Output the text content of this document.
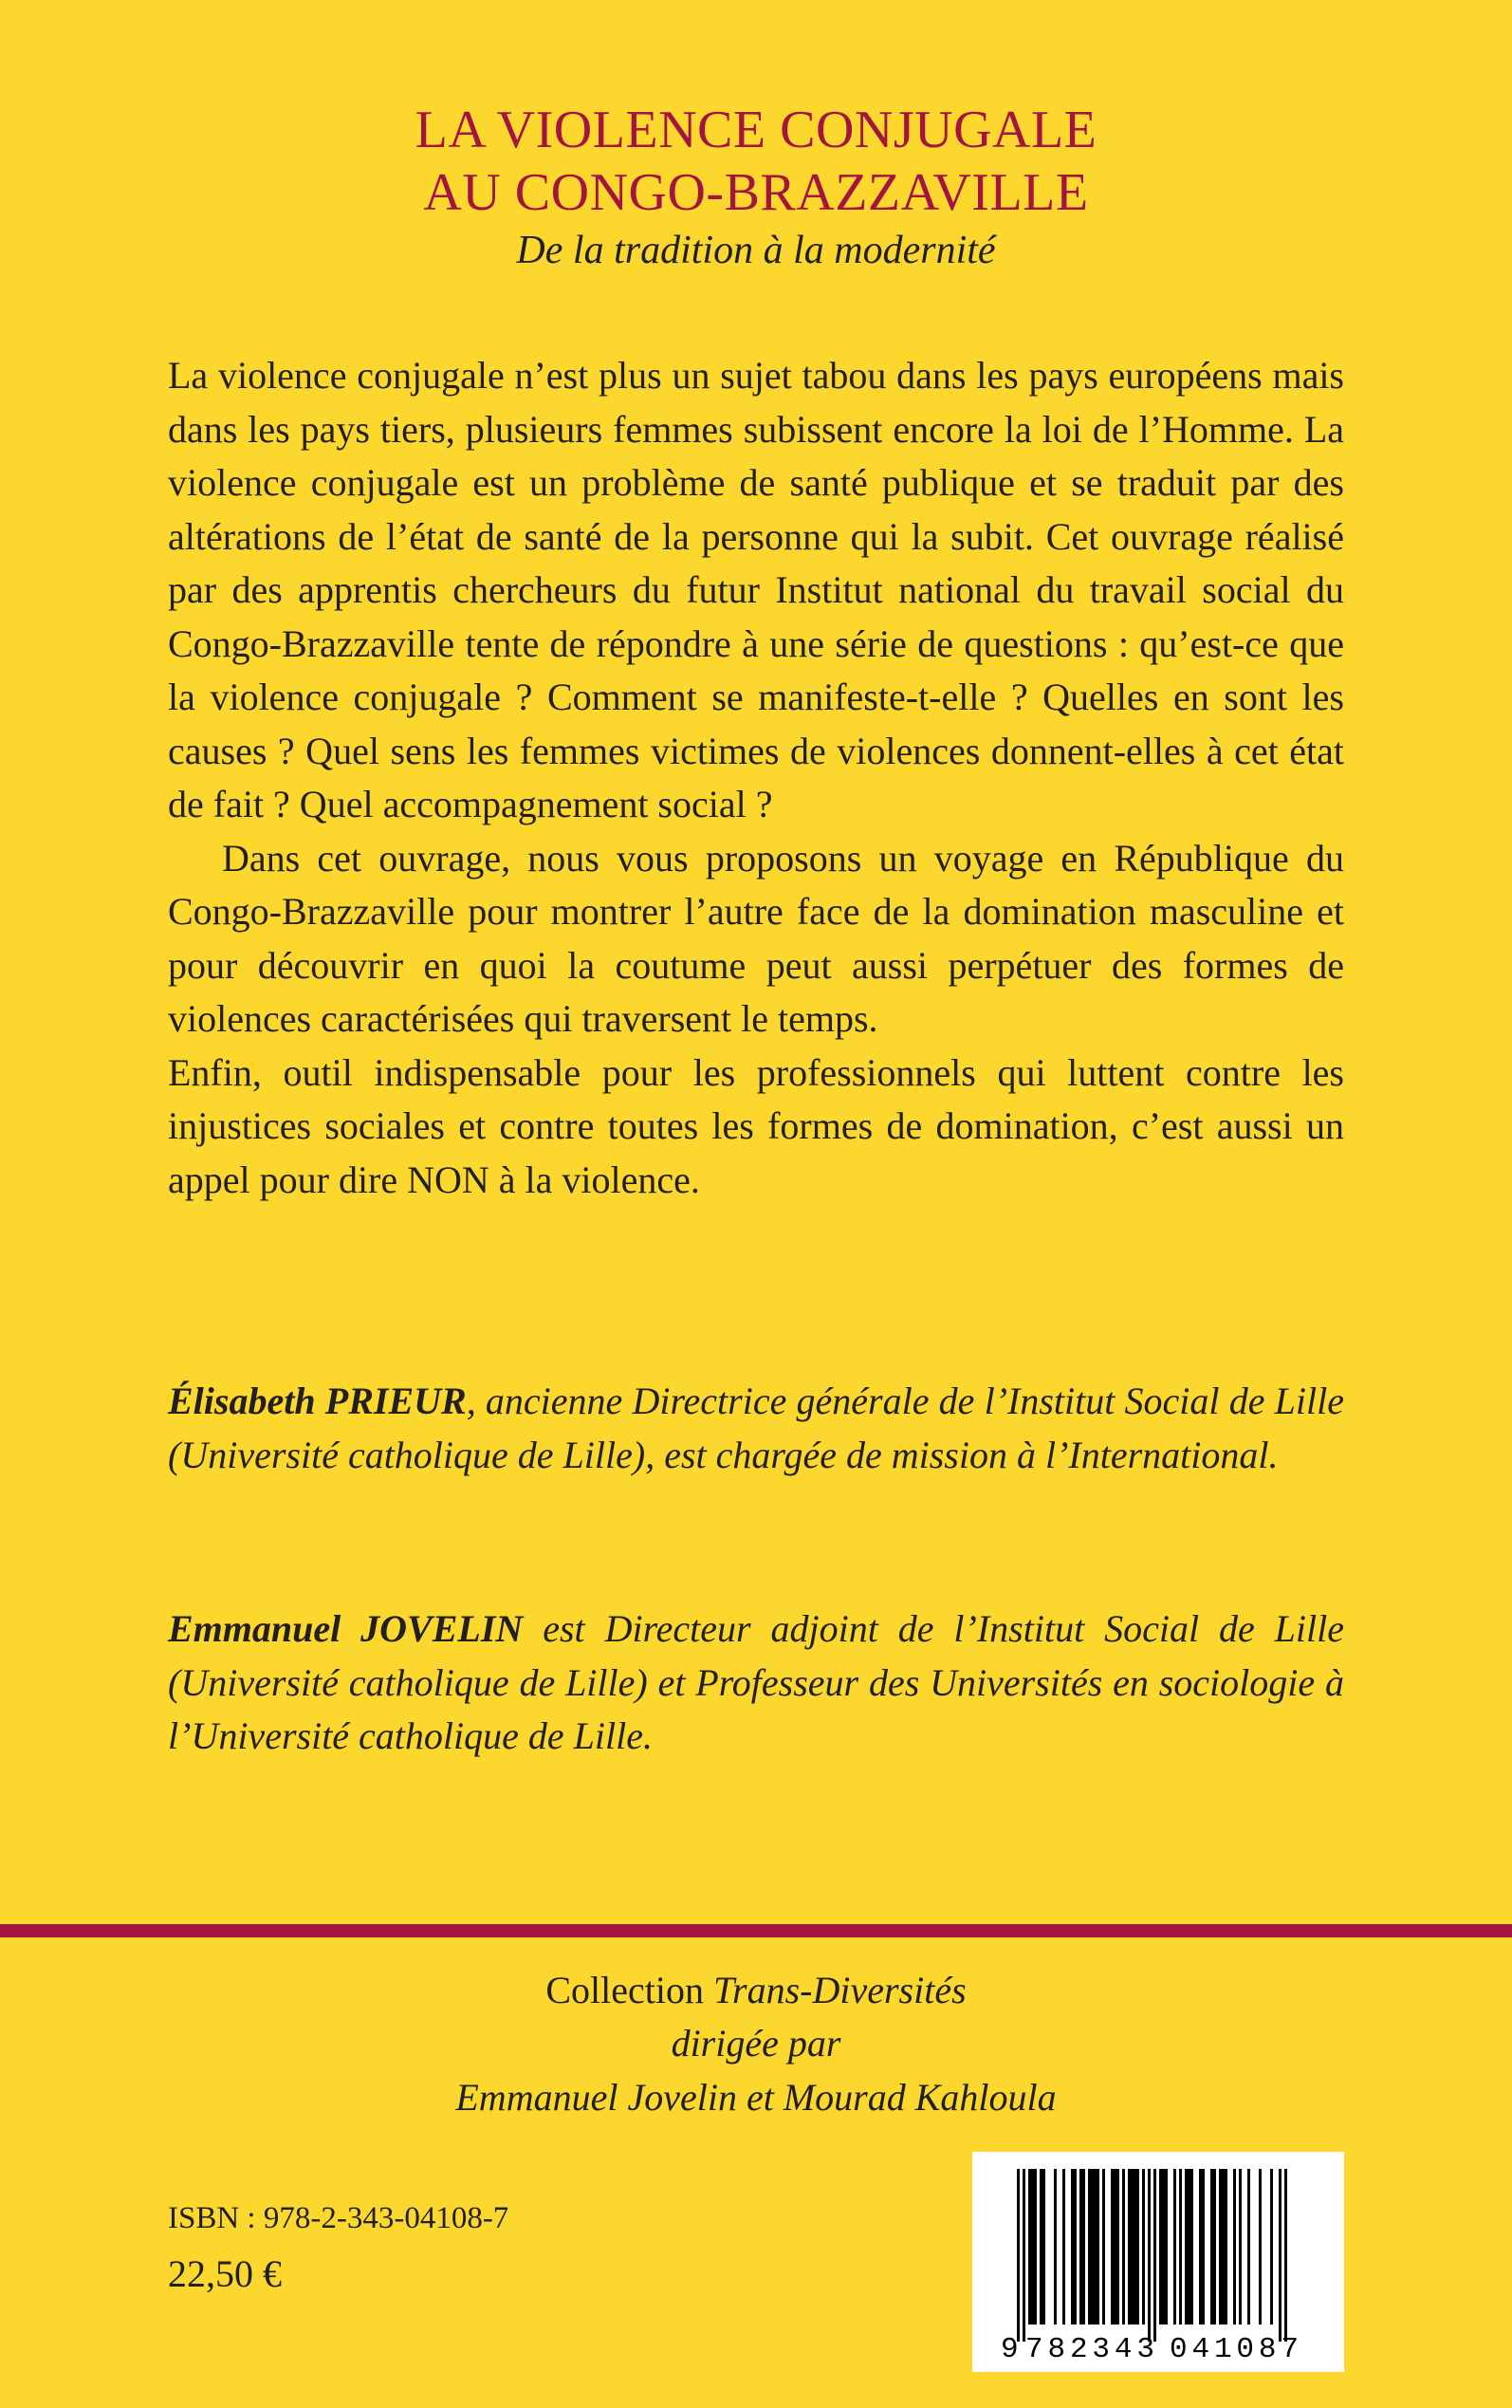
LA VIOLENCE CONJUGALE
AU CONGO-BRAZZAVILLE
De la tradition à la modernité

La violence conjugale n’est plus un sujet tabou dans les pays européens mais dans les pays tiers, plusieurs femmes subissent encore la loi de l’Homme. La violence conjugale est un problème de santé publique et se traduit par des altérations de l’état de santé de la personne qui la subit. Cet ouvrage réalisé par des apprentis chercheurs du futur Institut national du travail social du Congo-Brazzaville tente de répondre à une série de questions : qu’est-ce que la violence conjugale ? Comment se manifeste-t-elle ? Quelles en sont les causes ? Quel sens les femmes victimes de violences donnent-elles à cet état de fait ? Quel accompagnement social ?

Dans cet ouvrage, nous vous proposons un voyage en République du Congo-Brazzaville pour montrer l’autre face de la domination masculine et pour découvrir en quoi la coutume peut aussi perpétuer des formes de violences caractérisées qui traversent le temps.

Enfin, outil indispensable pour les professionnels qui luttent contre les injustices sociales et contre toutes les formes de domination, c’est aussi un appel pour dire NON à la violence.

Élisabeth PRIEUR, ancienne Directrice générale de l’Institut Social de Lille (Université catholique de Lille), est chargée de mission à l’International.
Emmanuel JOVELIN est Directeur adjoint de l’Institut Social de Lille (Université catholique de Lille) et Professeur des Universités en sociologie à l’Université catholique de Lille.
Collection Trans-Diversités
dirigée par
Emmanuel Jovelin et Mourad Kahloula
ISBN : 978-2-343-04108-7
22,50 €
9 782343 041087
